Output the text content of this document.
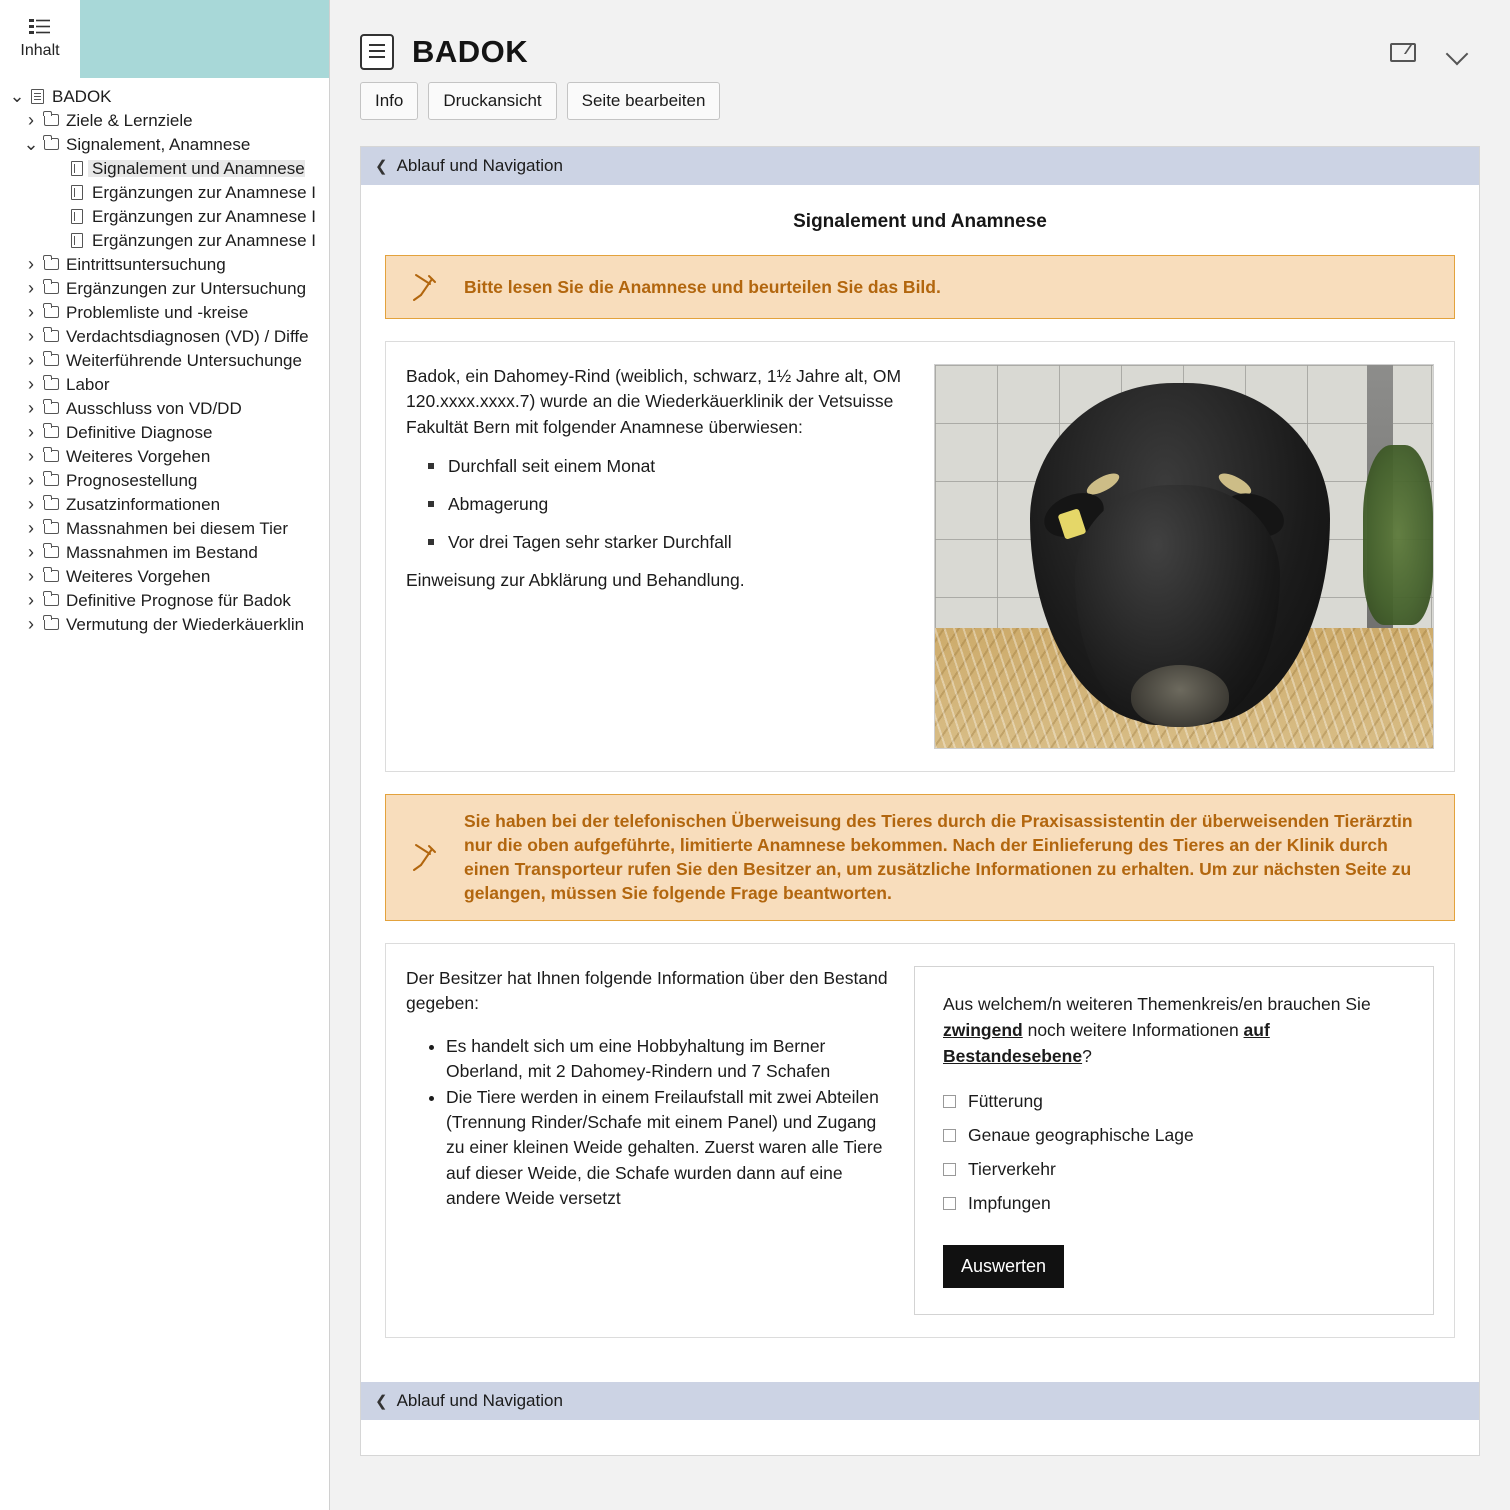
Inhalt
⌄ BADOK
›	Ziele & Lernziele
⌄ Signalement, Anamnese
Signalement und Anamnese
Ergänzungen zur Anamnese I
Ergänzungen zur Anamnese I
Ergänzungen zur Anamnese I
›	Eintrittsuntersuchung
›	Ergänzungen zur Untersuchung
›	Problemliste und -kreise
›	Verdachtsdiagnosen (VD) / Diffe
›	Weiterführende Untersuchunge
›	Labor
›	Ausschluss von VD/DD
›	Definitive Diagnose
›	Weiteres Vorgehen
›	Prognosestellung
›	Zusatzinformationen
›	Massnahmen bei diesem Tier
›	Massnahmen im Bestand
›	Weiteres Vorgehen
›	Definitive Prognose für Badok
›	Vermutung der Wiederkäuerklin
BADOK
Info	Druckansicht	Seite bearbeiten
❮ Ablauf und Navigation
Signalement und Anamnese
Bitte lesen Sie die Anamnese und beurteilen Sie das Bild.

Badok, ein Dahomey-Rind (weiblich, schwarz, 1½ Jahre alt, OM 120.xxxx.xxxx.7) wurde an die Wiederkäuerklinik der Vetsuisse Fakultät Bern mit folgender Anamnese überwiesen:

Durchfall seit einem Monat
Abmagerung
Vor drei Tagen sehr starker Durchfall

Einweisung zur Abklärung und Behandlung.

Sie haben bei der telefonischen Überweisung des Tieres durch die Praxisassistentin der überweisenden Tierärztin nur die oben aufgeführte, limitierte Anamnese bekommen. Nach der Einlieferung des Tieres an der Klinik durch einen Transporteur rufen Sie den Besitzer an, um zusätzliche Informationen zu erhalten. Um zur nächsten Seite zu gelangen, müssen Sie folgende Frage beantworten.

Der Besitzer hat Ihnen folgende Information über den Bestand gegeben:

• Es handelt sich um eine Hobbyhaltung im Berner Oberland, mit 2 Dahomey-Rindern und 7 Schafen
• Die Tiere werden in einem Freilaufstall mit zwei Abteilen (Trennung Rinder/Schafe mit einem Panel) und Zugang zu einer kleinen Weide gehalten. Zuerst waren alle Tiere auf dieser Weide, die Schafe wurden dann auf eine andere Weide versetzt
Aus welchem/n weiteren Themenkreis/en brauchen Sie zwingend noch weitere Informationen auf Bestandesebene?
Fütterung
Genaue geographische Lage
Tierverkehr
Impfungen
Auswerten
❮ Ablauf und Navigation
